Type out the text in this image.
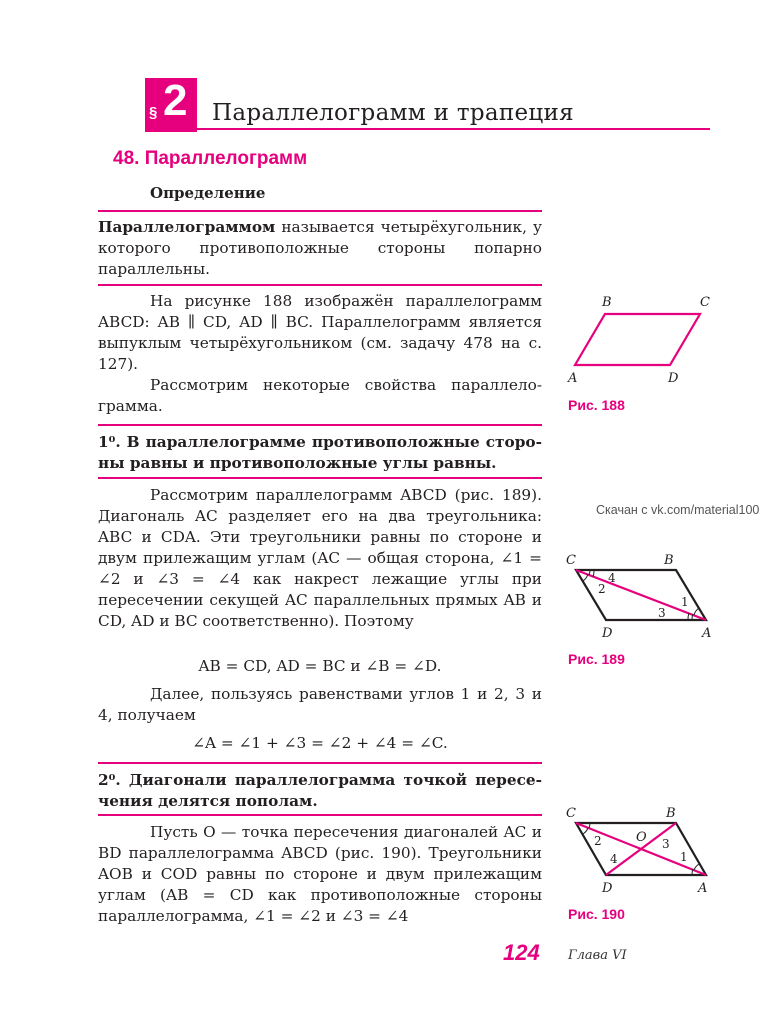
§ 2 Параллелограмм и трапеция
48. Параллелограмм
Определение

Параллелограммом называется четырёхугольник, у которого противоположные стороны попарно параллельны.

На рисунке 188 изображён параллелограмм ABCD: AB ∥ CD, AD ∥ BC. Параллелограмм является выпуклым четырёхугольником (см. задачу 478 на с. 127).

Рассмотрим некоторые свойства параллелограмма.

1⁰. В параллелограмме противоположные стороны равны и противоположные углы равны.

Рассмотрим параллелограмм ABCD (рис. 189). Диагональ AC разделяет его на два треугольника: ABC и CDA. Эти треугольники равны по стороне и двум прилежащим углам (AC — общая сторона, ∠1 = ∠2 и ∠3 = ∠4 как накрест лежащие углы при пересечении секущей AC параллельных прямых AB и CD, AD и BC соответственно). Поэтому

AB = CD, AD = BC и ∠B = ∠D.

Далее, пользуясь равенствами углов 1 и 2, 3 и 4, получаем

∠A = ∠1 + ∠3 = ∠2 + ∠4 = ∠C.
2⁰. Диагонали параллелограмма точкой пересечения делятся пополам.

Пусть O — точка пересечения диагоналей AC и BD параллелограмма ABCD (рис. 190). Треугольники AOB и COD равны по стороне и двум прилежащим углам (AB = CD как противоположные стороны параллелограмма, ∠1 = ∠2 и ∠3 = ∠4

B	C
A	D
Рис. 188
Скачан с vk.com/material100
C	B
D	A
4
2
3
1
Рис. 189
C	B
D	A
O
2
4
3
1
Рис. 190
124 Глава VI
